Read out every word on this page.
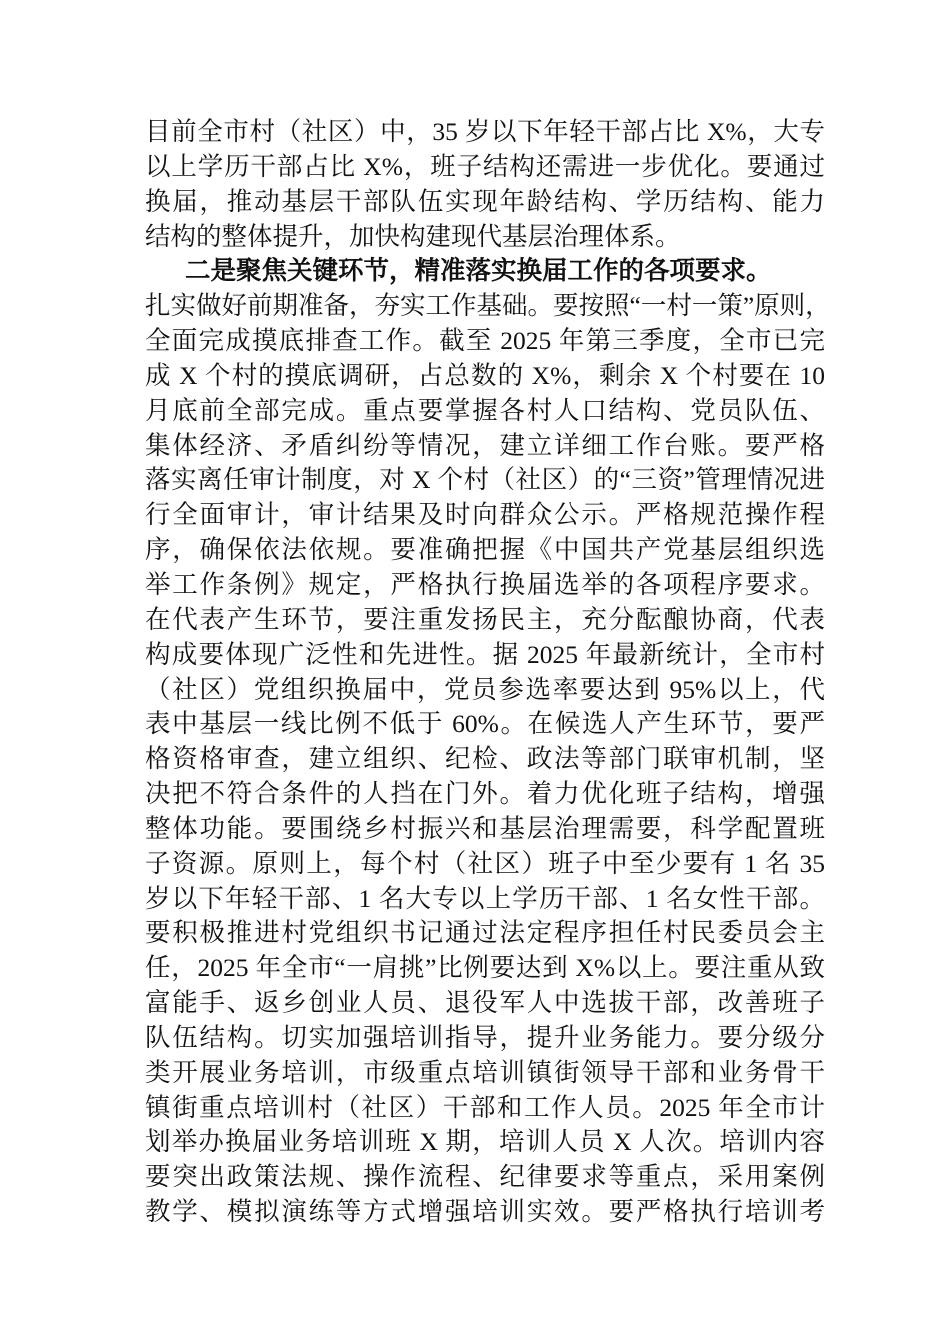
目前全市村（社区）中，35 岁以下年轻干部占比 X%，大专
以上学历干部占比 X%，班子结构还需进一步优化。要通过
换届，推动基层干部队伍实现年龄结构、学历结构、能力
结构的整体提升，加快构建现代基层治理体系。
二是聚焦关键环节，精准落实换届工作的各项要求。
扎实做好前期准备，夯实工作基础。要按照“一村一策”原则，
全面完成摸底排查工作。截至 2025 年第三季度，全市已完
成 X 个村的摸底调研，占总数的 X%，剩余 X 个村要在 10
月底前全部完成。重点要掌握各村人口结构、党员队伍、
集体经济、矛盾纠纷等情况，建立详细工作台账。要严格
落实离任审计制度，对 X 个村（社区）的“三资”管理情况进
行全面审计，审计结果及时向群众公示。严格规范操作程
序，确保依法依规。要准确把握《中国共产党基层组织选
举工作条例》规定，严格执行换届选举的各项程序要求。
在代表产生环节，要注重发扬民主，充分酝酿协商，代表
构成要体现广泛性和先进性。据 2025 年最新统计，全市村
（社区）党组织换届中，党员参选率要达到 95%以上，代
表中基层一线比例不低于 60%。在候选人产生环节，要严
格资格审查，建立组织、纪检、政法等部门联审机制，坚
决把不符合条件的人挡在门外。着力优化班子结构，增强
整体功能。要围绕乡村振兴和基层治理需要，科学配置班
子资源。原则上，每个村（社区）班子中至少要有 1 名 35
岁以下年轻干部、1 名大专以上学历干部、1 名女性干部。
要积极推进村党组织书记通过法定程序担任村民委员会主
任，2025 年全市“一肩挑”比例要达到 X%以上。要注重从致
富能手、返乡创业人员、退役军人中选拔干部，改善班子
队伍结构。切实加强培训指导，提升业务能力。要分级分
类开展业务培训，市级重点培训镇街领导干部和业务骨干
镇街重点培训村（社区）干部和工作人员。2025 年全市计
划举办换届业务培训班 X 期，培训人员 X 人次。培训内容
要突出政策法规、操作流程、纪律要求等重点，采用案例
教学、模拟演练等方式增强培训实效。要严格执行培训考
